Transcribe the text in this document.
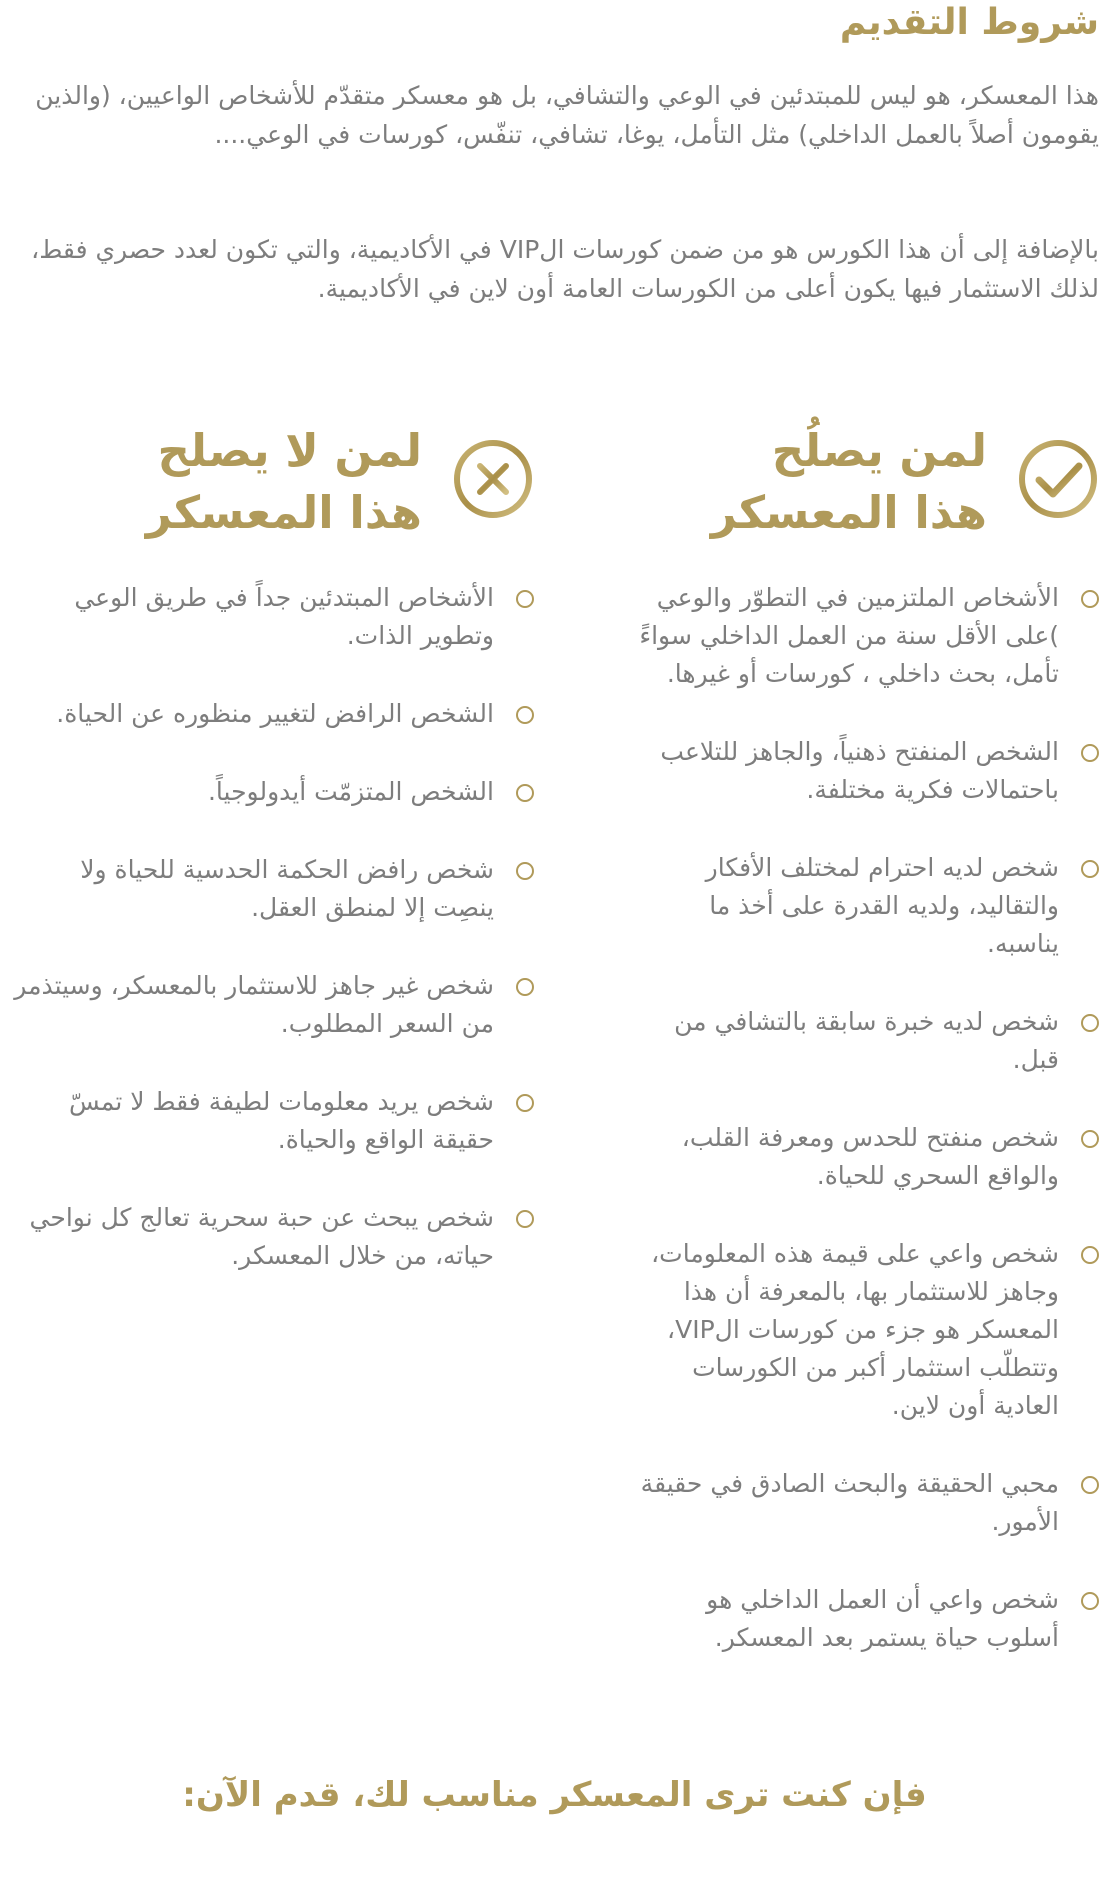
شروط التقديم

هذا المعسكر، هو ليس للمبتدئين في الوعي والتشافي، بل هو معسكر متقدّم للأشخاص الواعيين، (والذين يقومون أصلاً بالعمل الداخلي) مثل التأمل، يوغا، تشافي، تنفّس، كورسات في الوعي....

بالإضافة إلى أن هذا الكورس هو من ضمن كورسات الVIP في الأكاديمية، والتي تكون لعدد حصري فقط، لذلك الاستثمار فيها يكون أعلى من الكورسات العامة أون لاين في الأكاديمية.

لمن يصلُح
هذا المعسكر
الأشخاص الملتزمين في التطوّر والوعي )على الأقل سنة من العمل الداخلي سواءً تأمل، بحث داخلي ، كورسات أو غيرها.
الشخص المنفتح ذهنياً، والجاهز للتلاعب باحتمالات فكرية مختلفة.
شخص لديه احترام لمختلف الأفكار والتقاليد، ولديه القدرة على أخذ ما يناسبه.
شخص لديه خبرة سابقة بالتشافي من قبل.
شخص منفتح للحدس ومعرفة القلب، والواقع السحري للحياة.
شخص واعي على قيمة هذه المعلومات، وجاهز للاستثمار بها، بالمعرفة أن هذا المعسكر هو جزء من كورسات الVIP، وتتطلّب استثمار أكبر من الكورسات العادية أون لاين.
محبي الحقيقة والبحث الصادق في حقيقة الأمور.
شخص واعي أن العمل الداخلي هو أسلوب حياة يستمر بعد المعسكر.
لمن لا يصلح
هذا المعسكر
الأشخاص المبتدئين جداً في طريق الوعي وتطوير الذات.
الشخص الرافض لتغيير منظوره عن الحياة.
الشخص المتزمّت أيدولوجياً.
شخص رافض الحكمة الحدسية للحياة ولا ينصِت إلا لمنطق العقل.
شخص غير جاهز للاستثمار بالمعسكر، وسيتذمر من السعر المطلوب.
شخص يريد معلومات لطيفة فقط لا تمسّ حقيقة الواقع والحياة.
شخص يبحث عن حبة سحرية تعالج كل نواحي حياته، من خلال المعسكر.

فإن كنت ترى المعسكر مناسب لك، قدم الآن:
